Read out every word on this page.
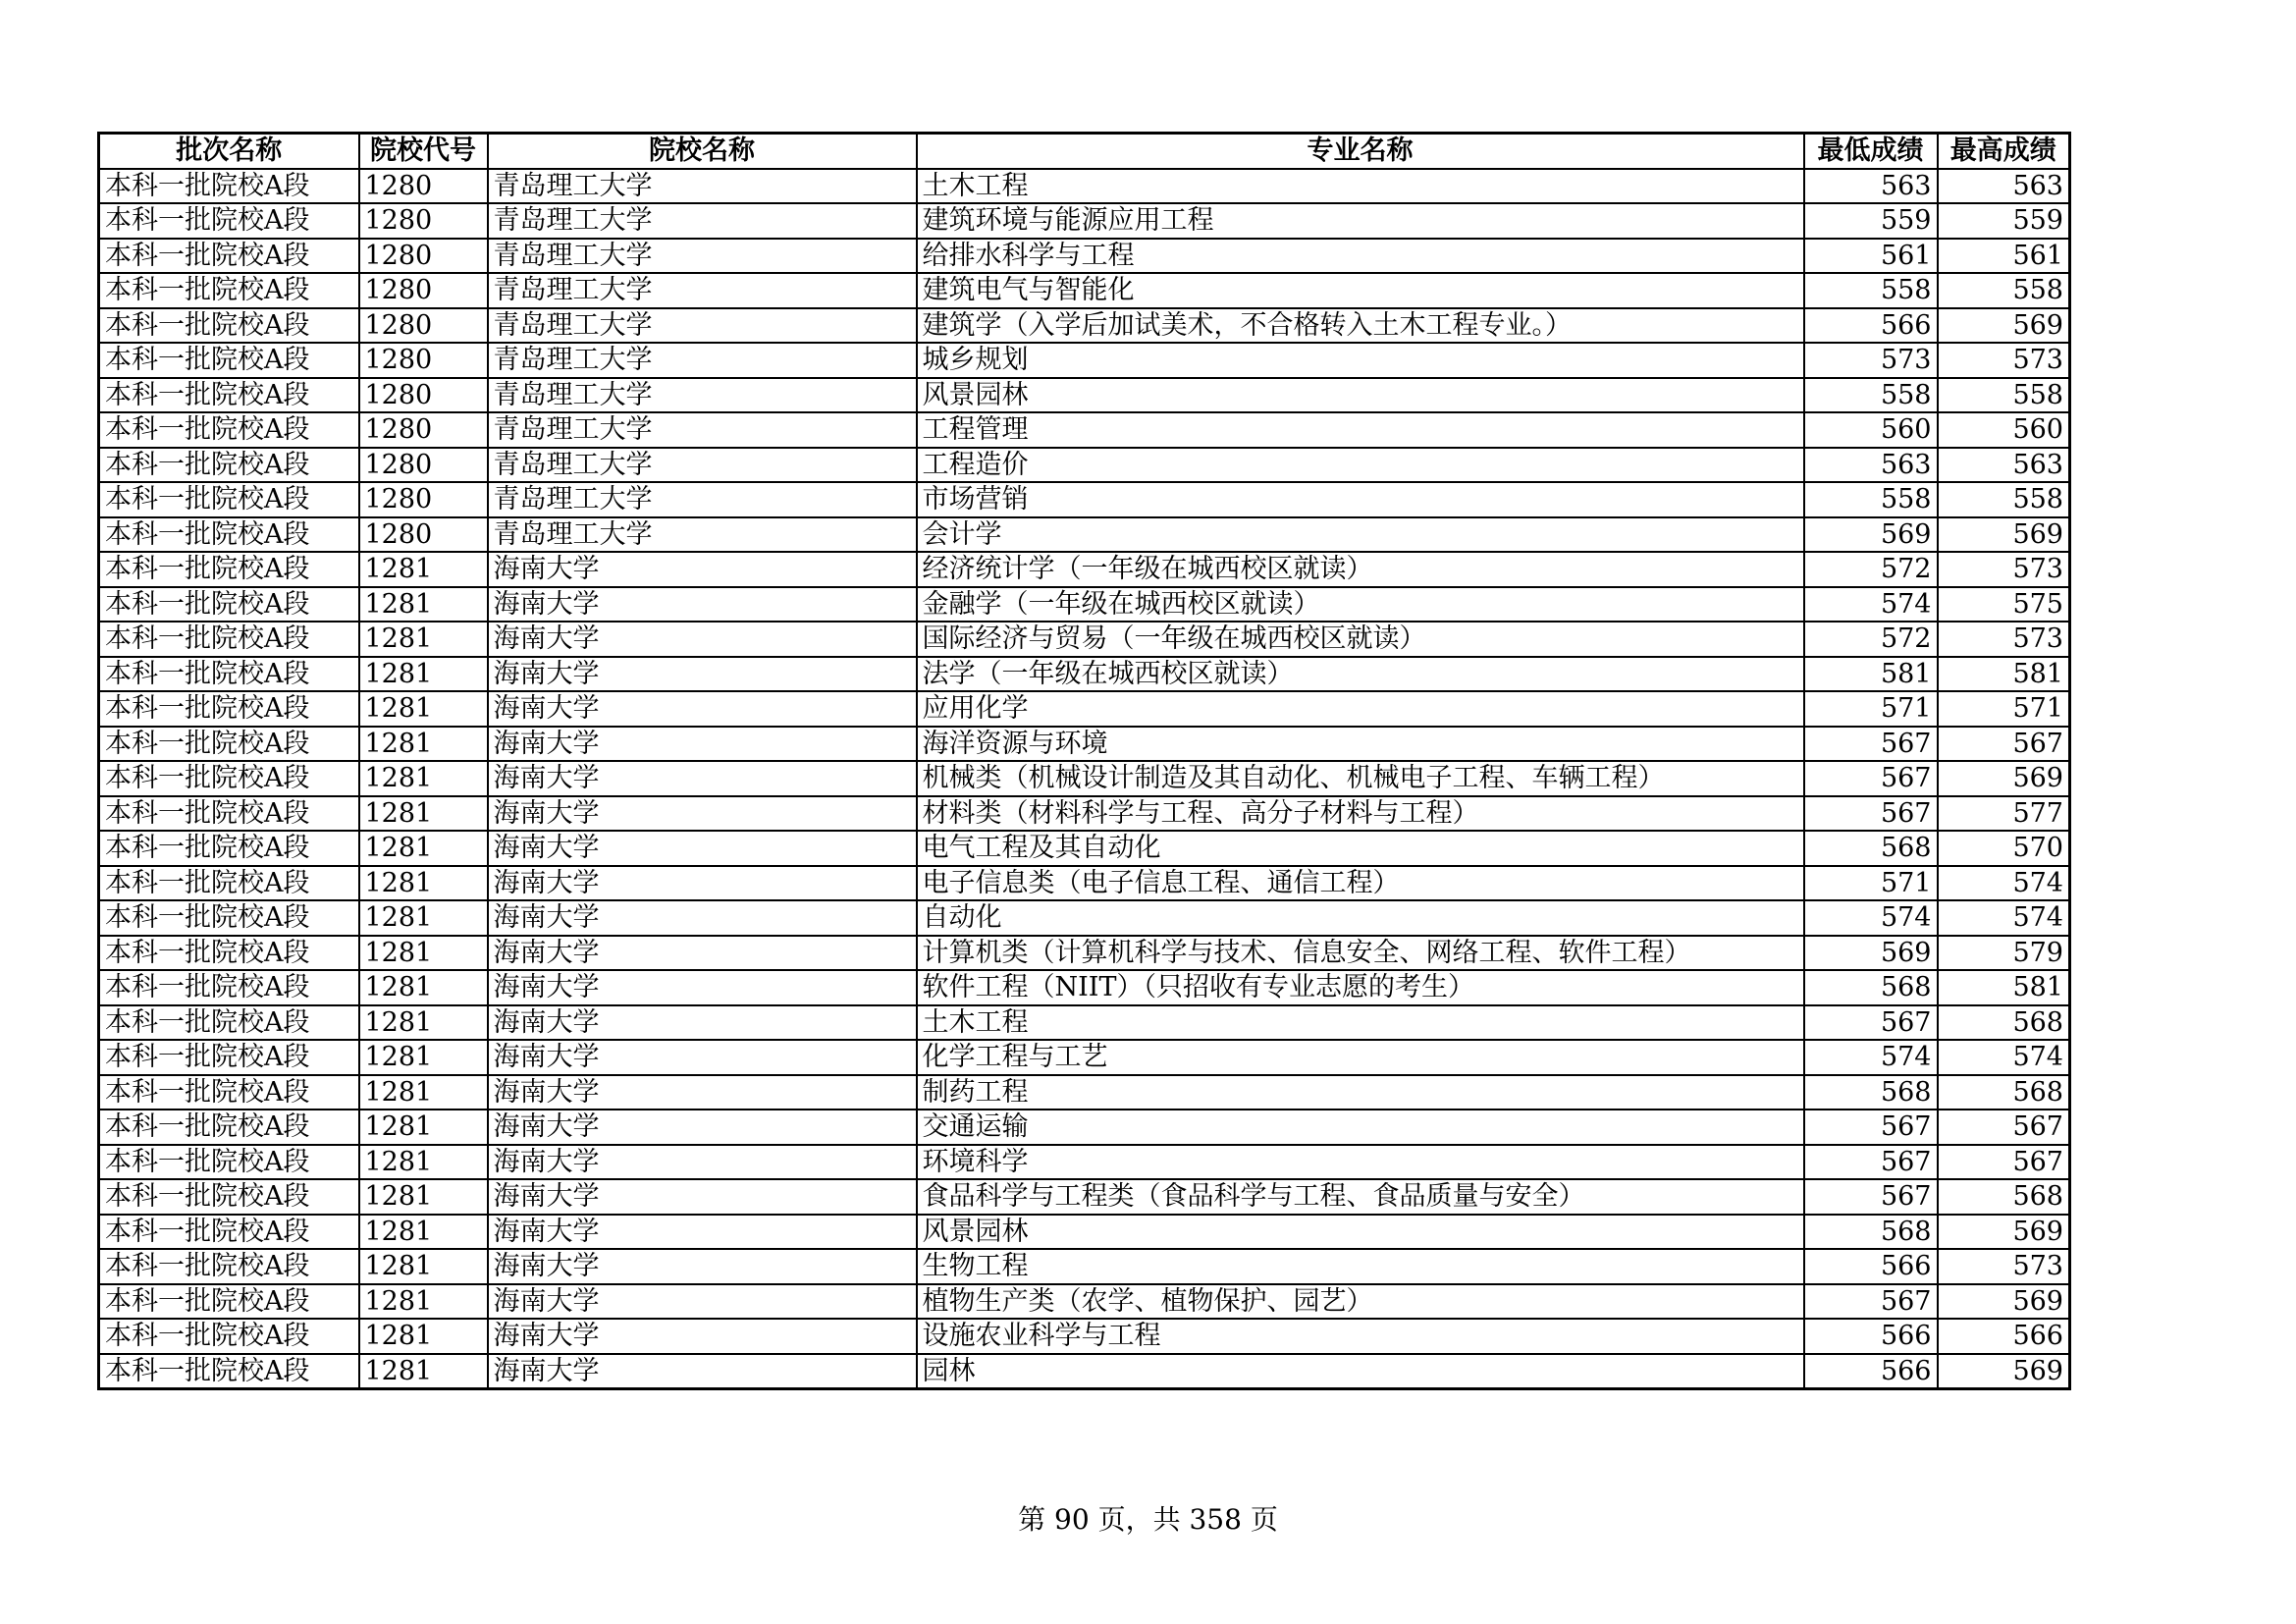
批次名称	院校代号	院校名称	专业名称	最低成绩	最高成绩
本科一批院校A段	1280	青岛理工大学	土木工程	563	563
本科一批院校A段	1280	青岛理工大学	建筑环境与能源应用工程	559	559
本科一批院校A段	1280	青岛理工大学	给排水科学与工程	561	561
本科一批院校A段	1280	青岛理工大学	建筑电气与智能化	558	558
本科一批院校A段	1280	青岛理工大学	建筑学（入学后加试美术，不合格转入土木工程专业。）	566	569
本科一批院校A段	1280	青岛理工大学	城乡规划	573	573
本科一批院校A段	1280	青岛理工大学	风景园林	558	558
本科一批院校A段	1280	青岛理工大学	工程管理	560	560
本科一批院校A段	1280	青岛理工大学	工程造价	563	563
本科一批院校A段	1280	青岛理工大学	市场营销	558	558
本科一批院校A段	1280	青岛理工大学	会计学	569	569
本科一批院校A段	1281	海南大学	经济统计学（一年级在城西校区就读）	572	573
本科一批院校A段	1281	海南大学	金融学（一年级在城西校区就读）	574	575
本科一批院校A段	1281	海南大学	国际经济与贸易（一年级在城西校区就读）	572	573
本科一批院校A段	1281	海南大学	法学（一年级在城西校区就读）	581	581
本科一批院校A段	1281	海南大学	应用化学	571	571
本科一批院校A段	1281	海南大学	海洋资源与环境	567	567
本科一批院校A段	1281	海南大学	机械类（机械设计制造及其自动化、机械电子工程、车辆工程）	567	569
本科一批院校A段	1281	海南大学	材料类（材料科学与工程、高分子材料与工程）	567	577
本科一批院校A段	1281	海南大学	电气工程及其自动化	568	570
本科一批院校A段	1281	海南大学	电子信息类（电子信息工程、通信工程）	571	574
本科一批院校A段	1281	海南大学	自动化	574	574
本科一批院校A段	1281	海南大学	计算机类（计算机科学与技术、信息安全、网络工程、软件工程）	569	579
本科一批院校A段	1281	海南大学	软件工程（NIIT）（只招收有专业志愿的考生）	568	581
本科一批院校A段	1281	海南大学	土木工程	567	568
本科一批院校A段	1281	海南大学	化学工程与工艺	574	574
本科一批院校A段	1281	海南大学	制药工程	568	568
本科一批院校A段	1281	海南大学	交通运输	567	567
本科一批院校A段	1281	海南大学	环境科学	567	567
本科一批院校A段	1281	海南大学	食品科学与工程类（食品科学与工程、食品质量与安全）	567	568
本科一批院校A段	1281	海南大学	风景园林	568	569
本科一批院校A段	1281	海南大学	生物工程	566	573
本科一批院校A段	1281	海南大学	植物生产类（农学、植物保护、园艺）	567	569
本科一批院校A段	1281	海南大学	设施农业科学与工程	566	566
本科一批院校A段	1281	海南大学	园林	566	569
第 90 页，共 358 页
